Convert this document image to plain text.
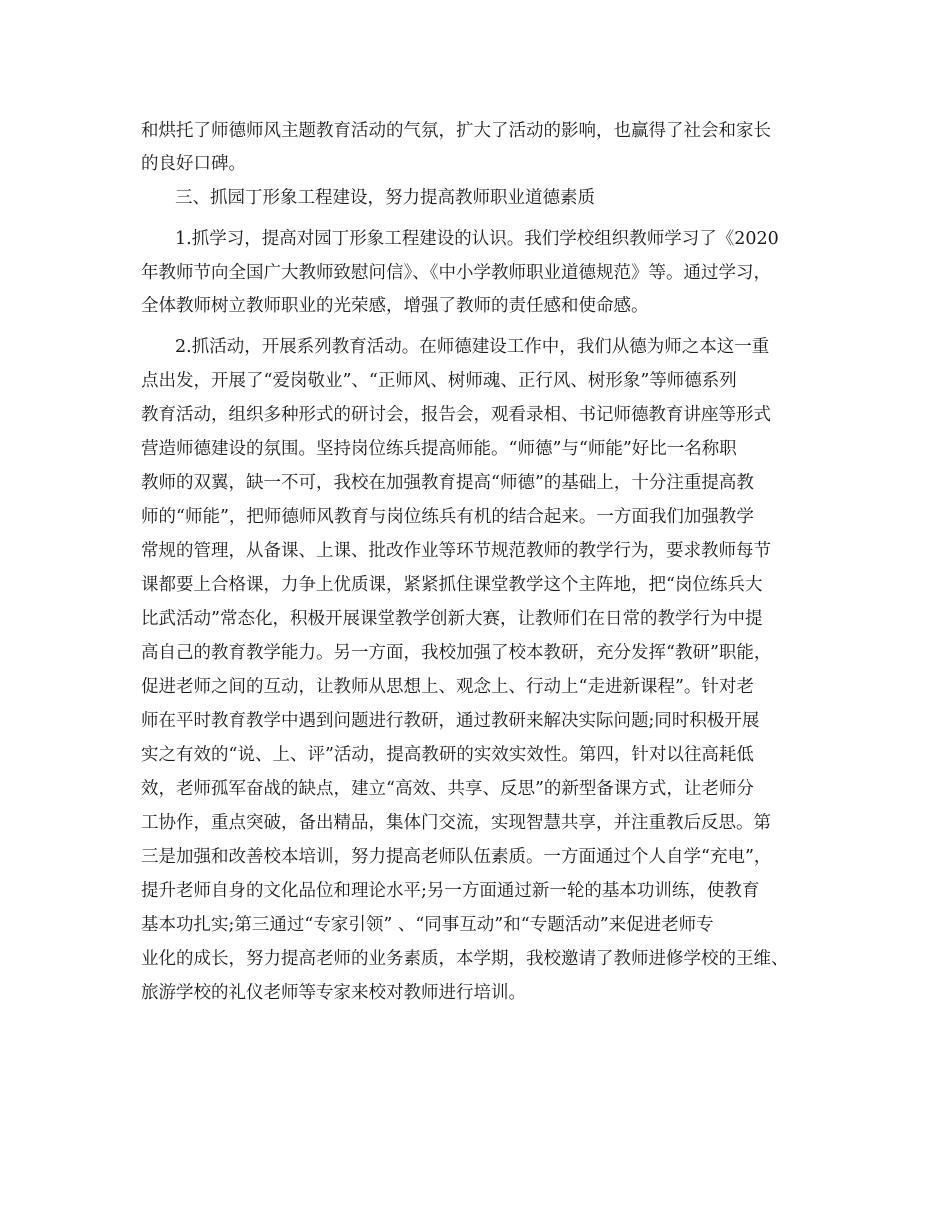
和烘托了师德师风主题教育活动的气氛，扩大了活动的影响，也赢得了社会和家长

的良好口碑。

三、抓园丁形象工程建设，努力提高教师职业道德素质

1.抓学习，提高对园丁形象工程建设的认识。我们学校组织教师学习了《2020

年教师节向全国广大教师致慰问信》、《中小学教师职业道德规范》等。通过学习，

全体教师树立教师职业的光荣感，增强了教师的责任感和使命感。

2.抓活动，开展系列教育活动。在师德建设工作中，我们从德为师之本这一重

点出发，开展了“爱岗敬业”、“正师风、树师魂、正行风、树形象”等师德系列

教育活动，组织多种形式的研讨会，报告会，观看录相、书记师德教育讲座等形式

营造师德建设的氛围。坚持岗位练兵提高师能。“师德”与“师能”好比一名称职

教师的双翼，缺一不可，我校在加强教育提高“师德”的基础上，十分注重提高教

师的“师能”，把师德师风教育与岗位练兵有机的结合起来。一方面我们加强教学

常规的管理，从备课、上课、批改作业等环节规范教师的教学行为，要求教师每节

课都要上合格课，力争上优质课，紧紧抓住课堂教学这个主阵地，把“岗位练兵大

比武活动”常态化，积极开展课堂教学创新大赛，让教师们在日常的教学行为中提

高自己的教育教学能力。另一方面，我校加强了校本教研，充分发挥“教研”职能，

促进老师之间的互动，让教师从思想上、观念上、行动上“走进新课程”。针对老

师在平时教育教学中遇到问题进行教研，通过教研来解决实际问题;同时积极开展

实之有效的“说、上、评”活动，提高教研的实效实效性。第四，针对以往高耗低

效，老师孤军奋战的缺点，建立“高效、共享、反思”的新型备课方式，让老师分

工协作，重点突破，备出精品，集体门交流，实现智慧共享，并注重教后反思。第

三是加强和改善校本培训，努力提高老师队伍素质。一方面通过个人自学“充电”，

提升老师自身的文化品位和理论水平;另一方面通过新一轮的基本功训练，使教育

基本功扎实;第三通过“专家引领” 、“同事互动”和“专题活动”来促进老师专

业化的成长，努力提高老师的业务素质，本学期，我校邀请了教师进修学校的王维、

旅游学校的礼仪老师等专家来校对教师进行培训。
